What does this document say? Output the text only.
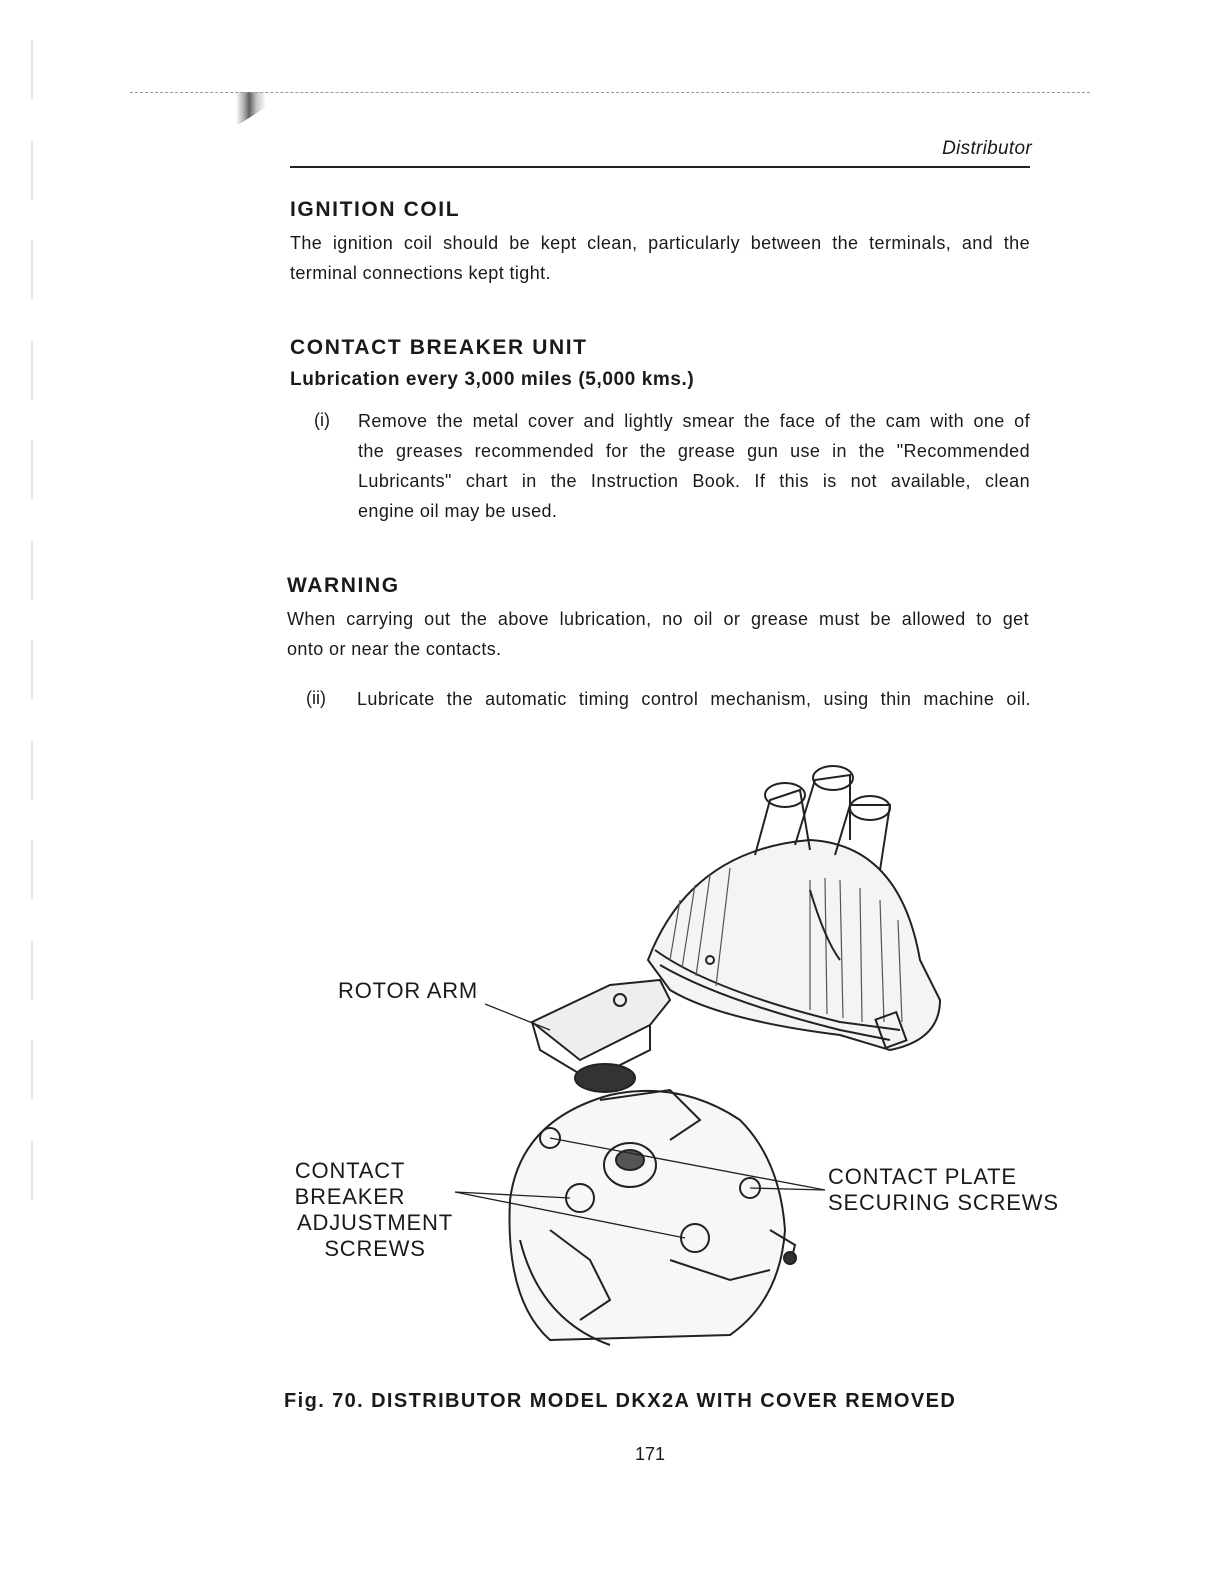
Distributor
IGNITION COIL
The ignition coil should be kept clean, particularly between the terminals, and the
terminal connections kept tight.
CONTACT BREAKER UNIT
Lubrication every 3,000 miles (5,000 kms.)
(i) Remove the metal cover and lightly smear the face of the cam with one of
the greases recommended for the grease gun use in the "Recommended
Lubricants" chart in the Instruction Book. If this is not available, clean
engine oil may be used.
WARNING
When carrying out the above lubrication, no oil or grease must be allowed to get
onto or near the contacts.
(ii) Lubricate the automatic timing control mechanism, using thin machine oil.
ROTOR ARM
CONTACT
BREAKER
ADJUSTMENT SCREWS
CONTACT PLATE
SECURING SCREWS
Fig. 70. DISTRIBUTOR MODEL DKX2A WITH COVER REMOVED
171
